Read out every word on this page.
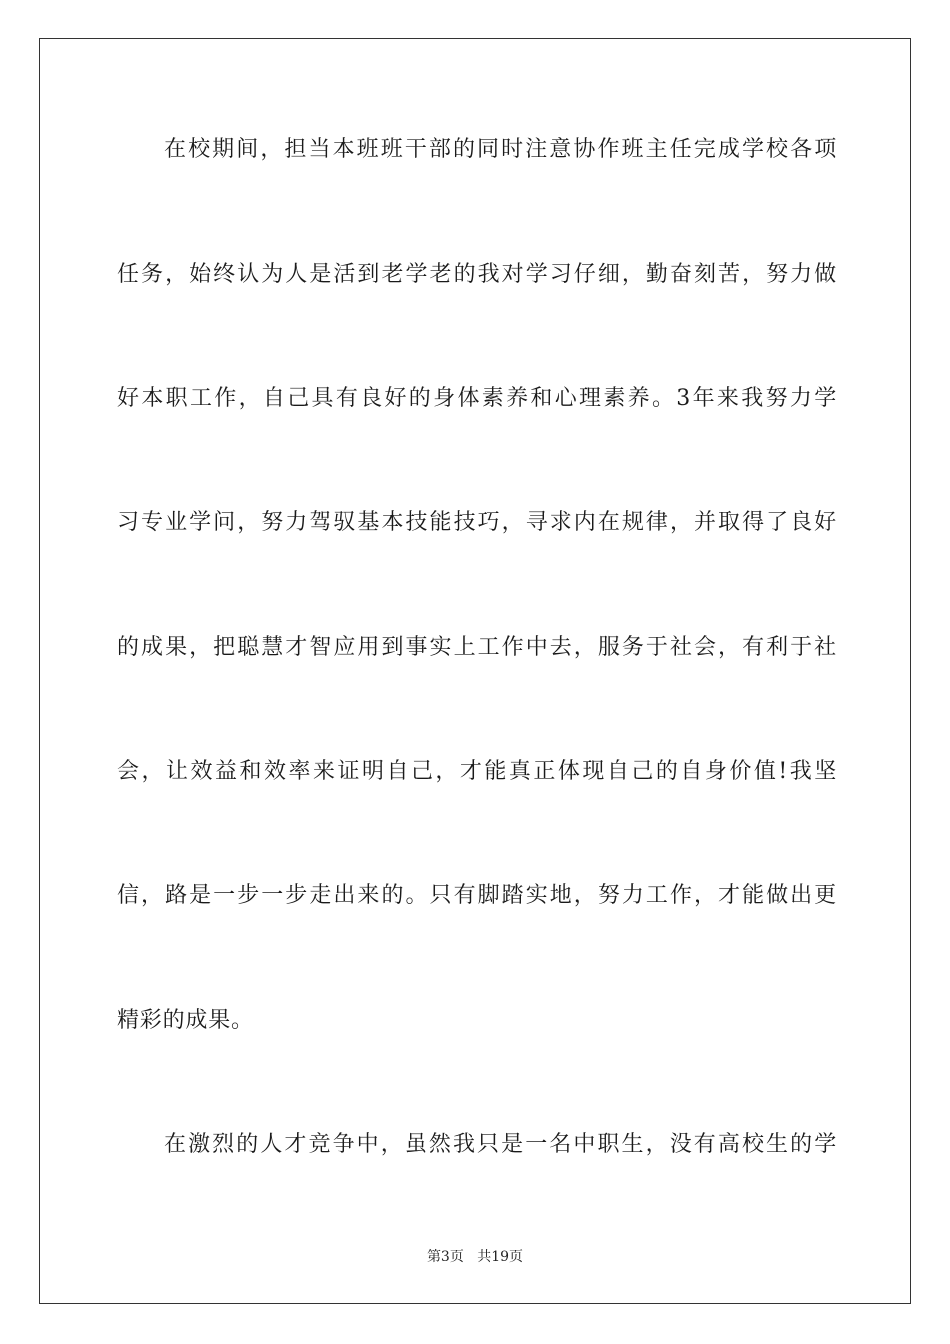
在校期间，担当本班班干部的同时注意协作班主任完成学校各项
任务，始终认为人是活到老学老的我对学习仔细，勤奋刻苦，努力做
好本职工作，自己具有良好的身体素养和心理素养。3年来我努力学
习专业学问，努力驾驭基本技能技巧，寻求内在规律，并取得了良好
的成果，把聪慧才智应用到事实上工作中去，服务于社会，有利于社
会，让效益和效率来证明自己，才能真正体现自己的自身价值!我坚
信，路是一步一步走出来的。只有脚踏实地，努力工作，才能做出更
精彩的成果。
在激烈的人才竞争中，虽然我只是一名中职生，没有高校生的学
第3页 共19页
